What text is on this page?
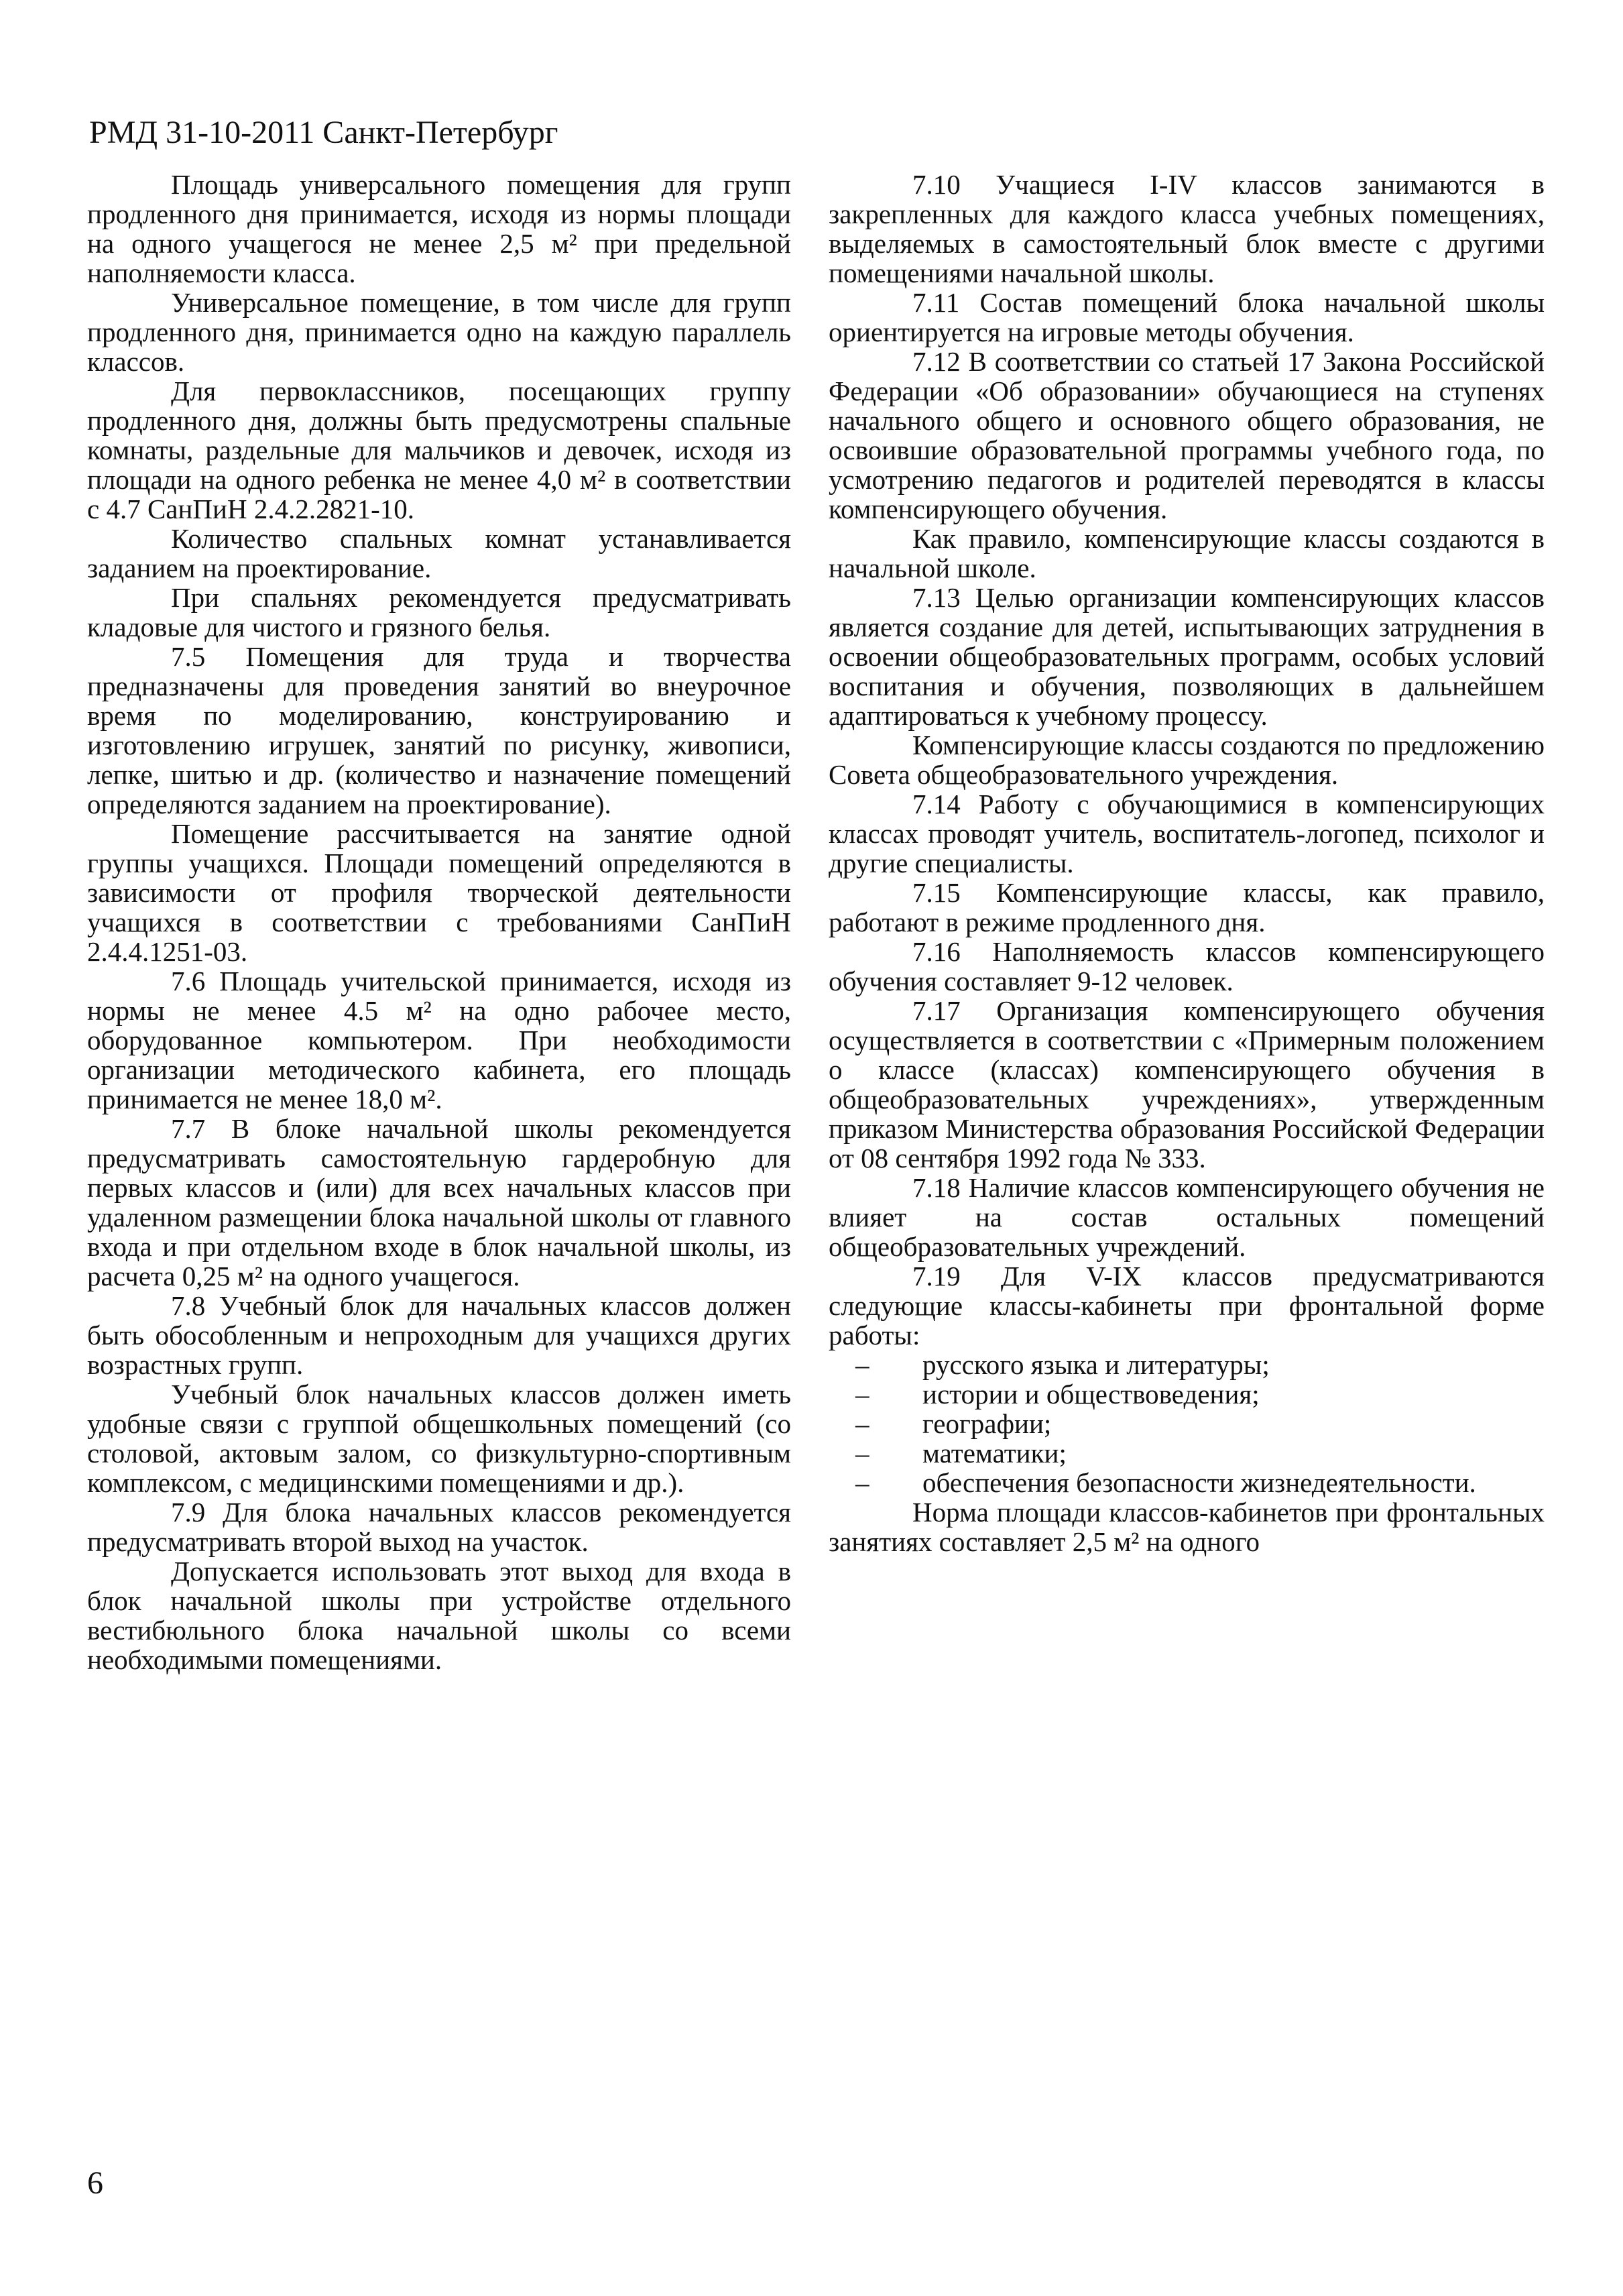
РМД 31-10-2011 Санкт-Петербург

Площадь универсального помещения для групп продленного дня принимается, исходя из нормы площади на одного учащегося не менее 2,5 м² при предельной наполняемости класса.

Универсальное помещение, в том числе для групп продленного дня, принимается одно на каждую параллель классов.

Для первоклассников, посещающих группу продленного дня, должны быть предусмотрены спальные комнаты, раздельные для мальчиков и девочек, исходя из площади на одного ребенка не менее 4,0 м² в соответствии с 4.7 СанПиН 2.4.2.2821-10.

Количество спальных комнат устанавливается заданием на проектирование.

При спальнях рекомендуется предусматривать кладовые для чистого и грязного белья.

7.5 Помещения для труда и творчества предназначены для проведения занятий во внеурочное время по моделированию, конструированию и изготовлению игрушек, занятий по рисунку, живописи, лепке, шитью и др. (количество и назначение помещений определяются заданием на проектирование).

Помещение рассчитывается на занятие одной группы учащихся. Площади помещений определяются в зависимости от профиля творческой деятельности учащихся в соответствии с требованиями СанПиН 2.4.4.1251-03.

7.6 Площадь учительской принимается, исходя из нормы не менее 4.5 м² на одно рабочее место, оборудованное компьютером. При необходимости организации методического кабинета, его площадь принимается не менее 18,0 м².

7.7 В блоке начальной школы рекомендуется предусматривать самостоятельную гардеробную для первых классов и (или) для всех начальных классов при удаленном размещении блока начальной школы от главного входа и при отдельном входе в блок начальной школы, из расчета 0,25 м² на одного учащегося.

7.8 Учебный блок для начальных классов должен быть обособленным и непроходным для учащихся других возрастных групп.

Учебный блок начальных классов должен иметь удобные связи с группой общешкольных помещений (со столовой, актовым залом, со физкультурно-спортивным комплексом, с медицинскими помещениями и др.).

7.9 Для блока начальных классов рекомендуется предусматривать второй выход на участок.

Допускается использовать этот выход для входа в блок начальной школы при устройстве отдельного вестибюльного блока начальной школы со всеми необходимыми помещениями.

7.10 Учащиеся I-IV классов занимаются в закрепленных для каждого класса учебных помещениях, выделяемых в самостоятельный блок вместе с другими помещениями начальной школы.

7.11 Состав помещений блока начальной школы ориентируется на игровые методы обучения.

7.12 В соответствии со статьей 17 Закона Российской Федерации «Об образовании» обучающиеся на ступенях начального общего и основного общего образования, не освоившие образовательной программы учебного года, по усмотрению педагогов и родителей переводятся в классы компенсирующего обучения.

Как правило, компенсирующие классы создаются в начальной школе.

7.13 Целью организации компенсирующих классов является создание для детей, испытывающих затруднения в освоении общеобразовательных программ, особых условий воспитания и обучения, позволяющих в дальнейшем адаптироваться к учебному процессу.

Компенсирующие классы создаются по предложению Совета общеобразовательного учреждения.

7.14 Работу с обучающимися в компенсирующих классах проводят учитель, воспитатель-логопед, психолог и другие специалисты.

7.15 Компенсирующие классы, как правило, работают в режиме продленного дня.

7.16 Наполняемость классов компенсирующего обучения составляет 9-12 человек.

7.17 Организация компенсирующего обучения осуществляется в соответствии с «Примерным положением о классе (классах) компенсирующего обучения в общеобразовательных учреждениях», утвержденным приказом Министерства образования Российской Федерации от 08 сентября 1992 года № 333.

7.18 Наличие классов компенсирующего обучения не влияет на состав остальных помещений общеобразовательных учреждений.

7.19 Для V-IX классов предусматриваются следующие классы-кабинеты при фронтальной форме работы:

– русского языка и литературы;

– истории и обществоведения;

– географии;

– математики;

– обеспечения безопасности жизнедеятельности.

Норма площади классов-кабинетов при фронтальных занятиях составляет 2,5 м² на одного

6
